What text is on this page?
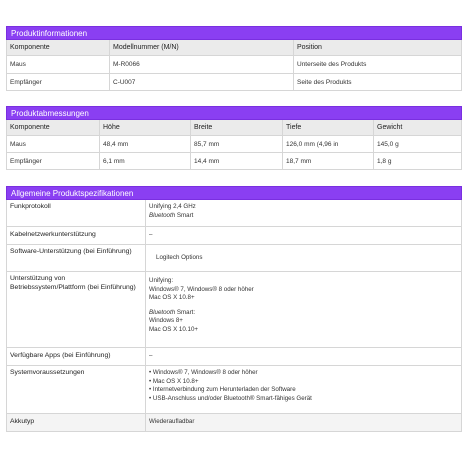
Produktinformationen
Komponente	Modellnummer (M/N)	Position
Maus	M-R0066	Unterseite des Produkts
Empfänger	C-U007	Seite des Produkts
Produktabmessungen
Komponente	Höhe	Breite	Tiefe	Gewicht
Maus	48,4 mm	85,7 mm	126,0 mm (4,96 in	145,0 g
Empfänger	6,1 mm	14,4 mm	18,7 mm	1,8 g
Allgemeine Produktspezifikationen
Funkprotokoll	Unifying 2,4 GHz
Bluetooth Smart
Kabelnetzwerkunterstützung	–
Software-Unterstützung (bei Einführung)
Logitech Options
Unterstützung von Betriebssystem/Plattform (bei Einführung)
Unifying:
Windows® 7, Windows® 8 oder höher
Mac OS X 10.8+
Bluetooth Smart:
Windows 8+
Mac OS X 10.10+
Verfügbare Apps (bei Einführung)	–
Systemvoraussetzungen
•	Windows® 7, Windows® 8 oder höher
• Mac OS X 10.8+
• Internetverbindung zum Herunterladen der Software
• USB-Anschluss und/oder Bluetooth® Smart-fähiges Gerät
Akkutyp	Wiederaufladbar
